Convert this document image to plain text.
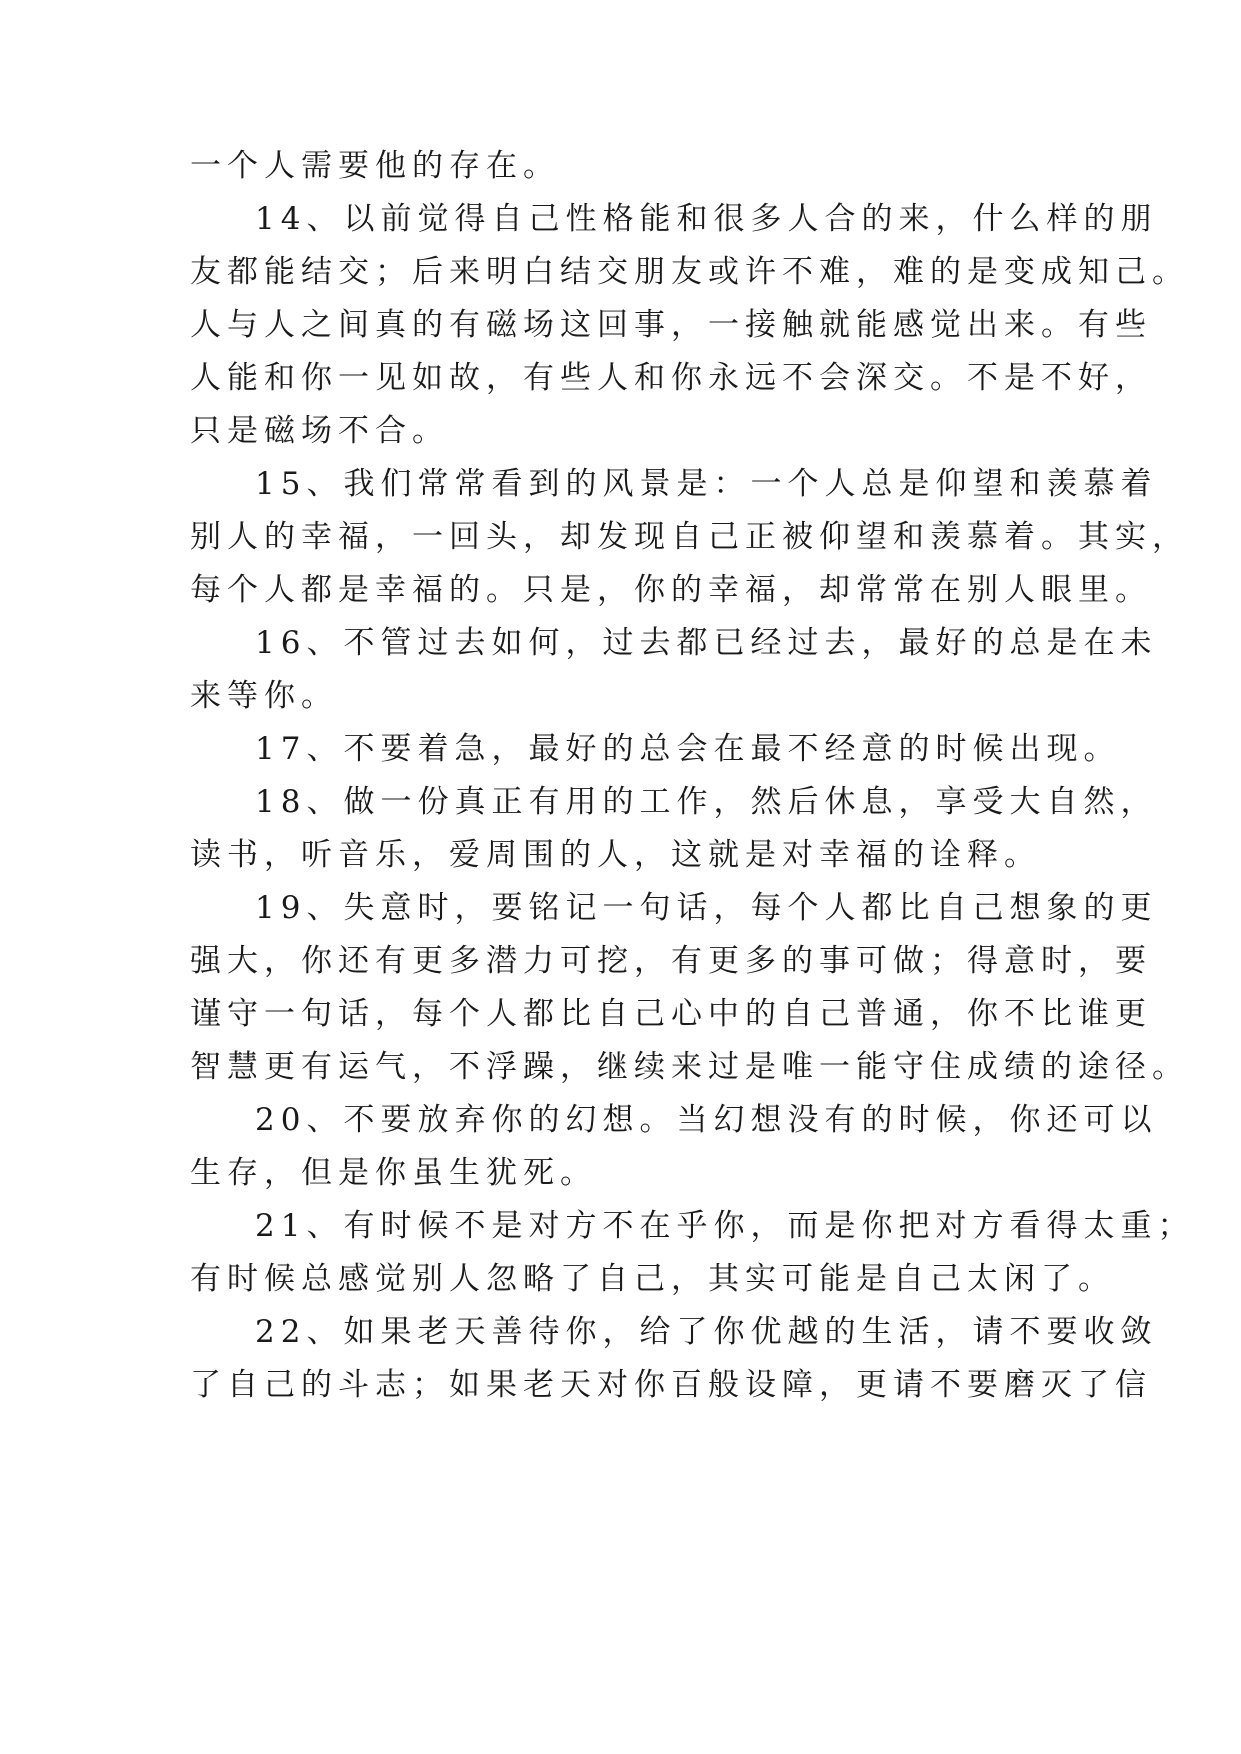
一个人需要他的存在。
14、以前觉得自己性格能和很多人合的来，什么样的朋
友都能结交；后来明白结交朋友或许不难，难的是变成知己。
人与人之间真的有磁场这回事，一接触就能感觉出来。有些
人能和你一见如故，有些人和你永远不会深交。不是不好，
只是磁场不合。
15、我们常常看到的风景是：一个人总是仰望和羡慕着
别人的幸福，一回头，却发现自己正被仰望和羡慕着。其实，
每个人都是幸福的。只是，你的幸福，却常常在别人眼里。
16、不管过去如何，过去都已经过去，最好的总是在未
来等你。
17、不要着急，最好的总会在最不经意的时候出现。
18、做一份真正有用的工作，然后休息，享受大自然，
读书，听音乐，爱周围的人，这就是对幸福的诠释。
19、失意时，要铭记一句话，每个人都比自己想象的更
强大，你还有更多潜力可挖，有更多的事可做；得意时，要
谨守一句话，每个人都比自己心中的自己普通，你不比谁更
智慧更有运气，不浮躁，继续来过是唯一能守住成绩的途径。
20、不要放弃你的幻想。当幻想没有的时候，你还可以
生存，但是你虽生犹死。
21、有时候不是对方不在乎你，而是你把对方看得太重；
有时候总感觉别人忽略了自己，其实可能是自己太闲了。
22、如果老天善待你，给了你优越的生活，请不要收敛
了自己的斗志；如果老天对你百般设障，更请不要磨灭了信
